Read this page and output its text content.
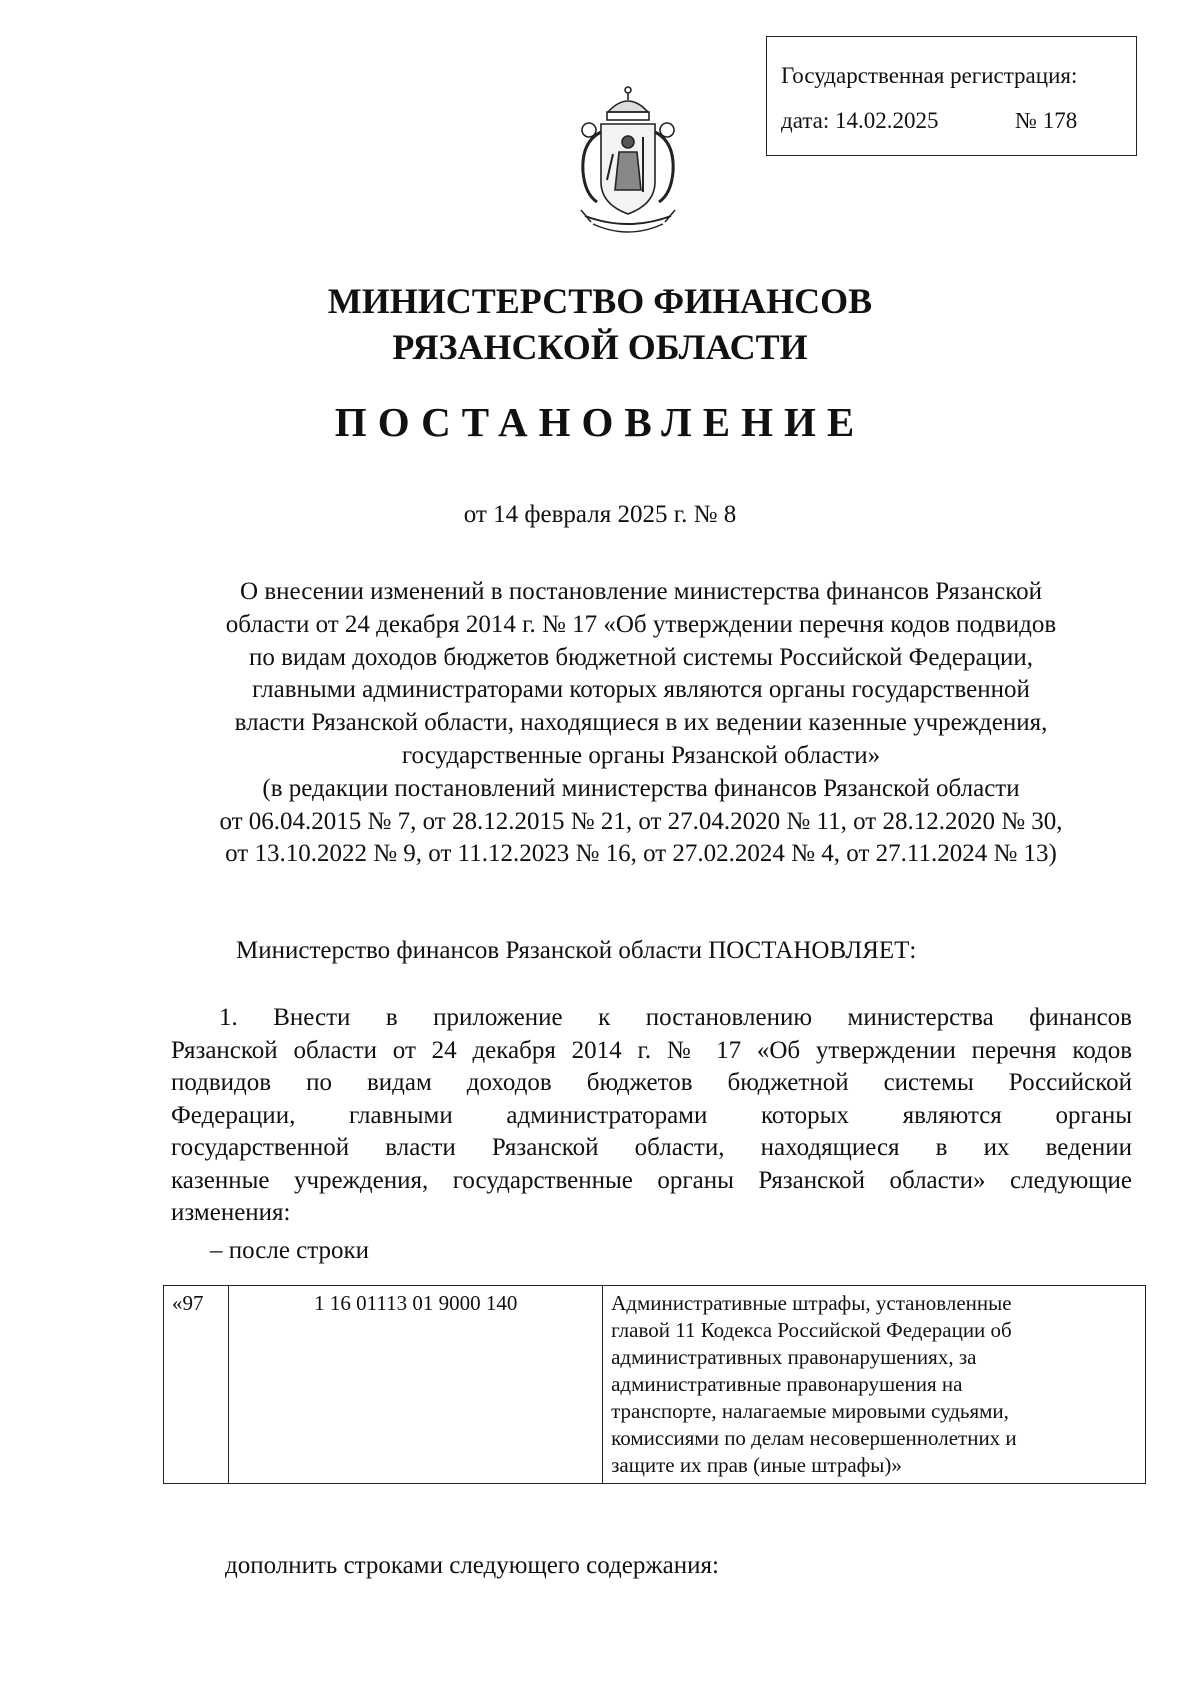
Государственная регистрация:
дата: 14.02.2025	№ 178
МИНИСТЕРСТВО ФИНАНСОВ
РЯЗАНСКОЙ ОБЛАСТИ
ПОСТАНОВЛЕНИЕ
от 14 февраля 2025 г. № 8
О внесении изменений в постановление министерства финансов Рязанской
области от 24 декабря 2014 г. № 17 «Об утверждении перечня кодов подвидов
по видам доходов бюджетов бюджетной системы Российской Федерации,
главными администраторами которых являются органы государственной
власти Рязанской области, находящиеся в их ведении казенные учреждения,
государственные органы Рязанской области»
(в редакции постановлений министерства финансов Рязанской области
от 06.04.2015 № 7, от 28.12.2015 № 21, от 27.04.2020 № 11, от 28.12.2020 № 30,
от 13.10.2022 № 9, от 11.12.2023 № 16, от 27.02.2024 № 4, от 27.11.2024 № 13)
Министерство финансов Рязанской области ПОСТАНОВЛЯЕТ:
1. Внести в приложение к постановлению министерства финансов
Рязанской области от 24 декабря 2014 г. № 17 «Об утверждении перечня кодов
подвидов по видам доходов бюджетов бюджетной системы Российской
Федерации, главными администраторами которых являются органы
государственной власти Рязанской области, находящиеся в их ведении
казенные учреждения, государственные органы Рязанской области» следующие
изменения:
– после строки
«97	1 16 01113 01 9000 140	Административные штрафы, установленные
главой 11 Кодекса Российской Федерации об
административных правонарушениях, за
административные правонарушения на
транспорте, налагаемые мировыми судьями,
комиссиями по делам несовершеннолетних и
защите их прав (иные штрафы)»
дополнить строками следующего содержания:
